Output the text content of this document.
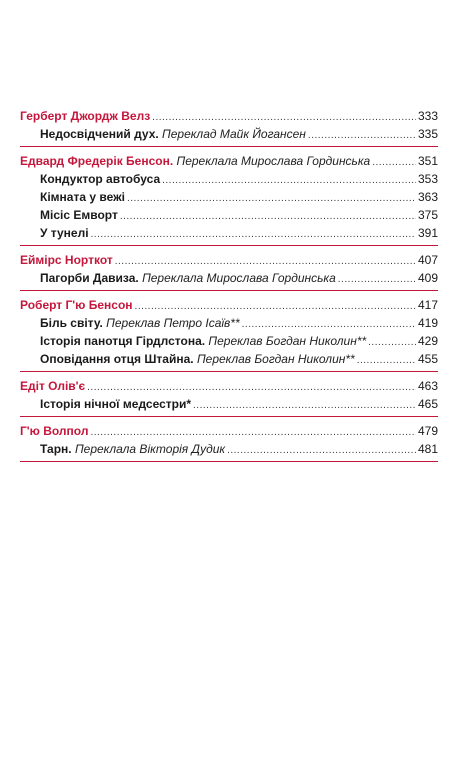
Герберт Джордж Велз .....	333
Недосвідчений дух. Переклад Майк Йогансен .....	335
Едвард Фредерік Бенсон. Переклала Мирослава Гординська .....	351
Кондуктор автобуса .....	353
Кімната у вежі .....	363
Місіс Емворт .....	375
У тунелі .....	391
Еймірс Норткот .....	407
Пагорби Давиза. Переклала Мирослава Гординська .....	409
Роберт Г'ю Бенсон .....	417
Біль світу. Переклав Петро Ісаїв** .....	419
Історія панотця Гірдлстона. Переклав Богдан Николин** .....	429
Оповідання отця Штайна. Переклав Богдан Николин** .....	455
Едіт Олів'є .....	463
Історія нічної медсестри* .....	465
Г'ю Волпол .....	479
Тарн. Переклала Вікторія Дудик .....	481
